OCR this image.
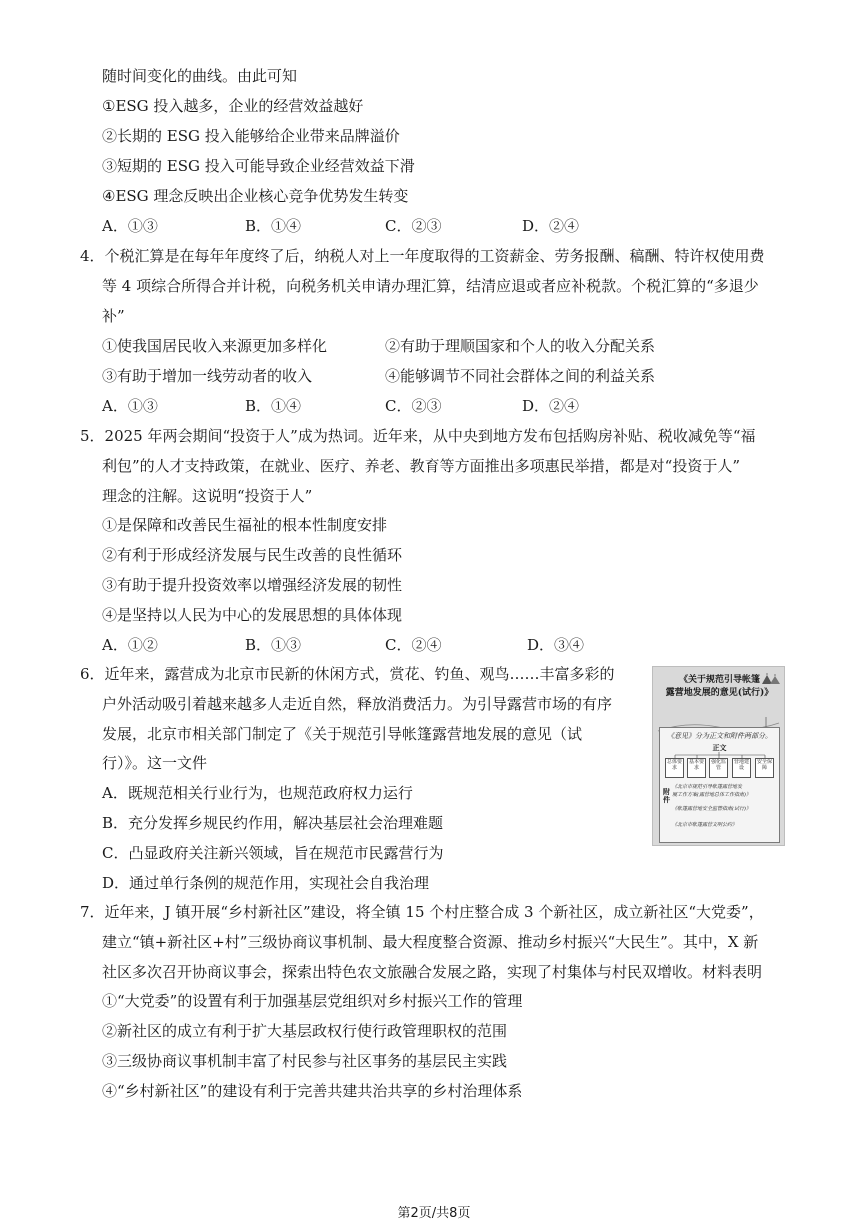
随时间变化的曲线。由此可知
①ESG 投入越多，企业的经营效益越好
②长期的 ESG 投入能够给企业带来品牌溢价
③短期的 ESG 投入可能导致企业经营效益下滑
④ESG 理念反映出企业核心竞争优势发生转变
A．①③	B．①④	C．②③	D．②④
4．个税汇算是在每年年度终了后，纳税人对上一年度取得的工资薪金、劳务报酬、稿酬、特许权使用费
等 4 项综合所得合并计税，向税务机关申请办理汇算，结清应退或者应补税款。个税汇算的“多退少
补”
①使我国居民收入来源更加多样化	②有助于理顺国家和个人的收入分配关系
③有助于增加一线劳动者的收入	④能够调节不同社会群体之间的利益关系
A．①③	B．①④	C．②③	D．②④
5．2025 年两会期间“投资于人”成为热词。近年来，从中央到地方发布包括购房补贴、税收减免等“福
利包”的人才支持政策，在就业、医疗、养老、教育等方面推出多项惠民举措，都是对“投资于人”
理念的注解。这说明“投资于人”
①是保障和改善民生福祉的根本性制度安排
②有利于形成经济发展与民生改善的良性循环
③有助于提升投资效率以增强经济发展的韧性
④是坚持以人民为中心的发展思想的具体体现
A．①②	B．①③	C．②④	D．③④
6．近年来，露营成为北京市民新的休闲方式，赏花、钓鱼、观鸟……丰富多彩的
户外活动吸引着越来越多人走近自然，释放消费活力。为引导露营市场的有序
发展，北京市相关部门制定了《关于规范引导帐篷露营地发展的意见（试
行）》。这一文件
A．既规范相关行业行为，也规范政府权力运行
B．充分发挥乡规民约作用，解决基层社会治理难题
C．凸显政府关注新兴领域，旨在规范市民露营行为
D．通过单行条例的规范作用，实现社会自我治理
《关于规范引导帐篷
露营地发展的意见(试行)》
《意见》分为正文和附件两部分。
正文
总体要求
基本要求
强化监管
营地建设
安全保障
附件
《北京市规范引导帐篷露营地发
展工作方案(露营地总体工作指南)》
《帐篷露营地安全监管指南(试行)》
《北京市帐篷露营文明公约》
7．近年来，J 镇开展“乡村新社区”建设，将全镇 15 个村庄整合成 3 个新社区，成立新社区“大党委”，
建立“镇+新社区+村”三级协商议事机制、最大程度整合资源、推动乡村振兴“大民生”。其中，X 新
社区多次召开协商议事会，探索出特色农文旅融合发展之路，实现了村集体与村民双增收。材料表明
①“大党委”的设置有利于加强基层党组织对乡村振兴工作的管理
②新社区的成立有利于扩大基层政权行使行政管理职权的范围
③三级协商议事机制丰富了村民参与社区事务的基层民主实践
④“乡村新社区”的建设有利于完善共建共治共享的乡村治理体系
第2页/共8页
